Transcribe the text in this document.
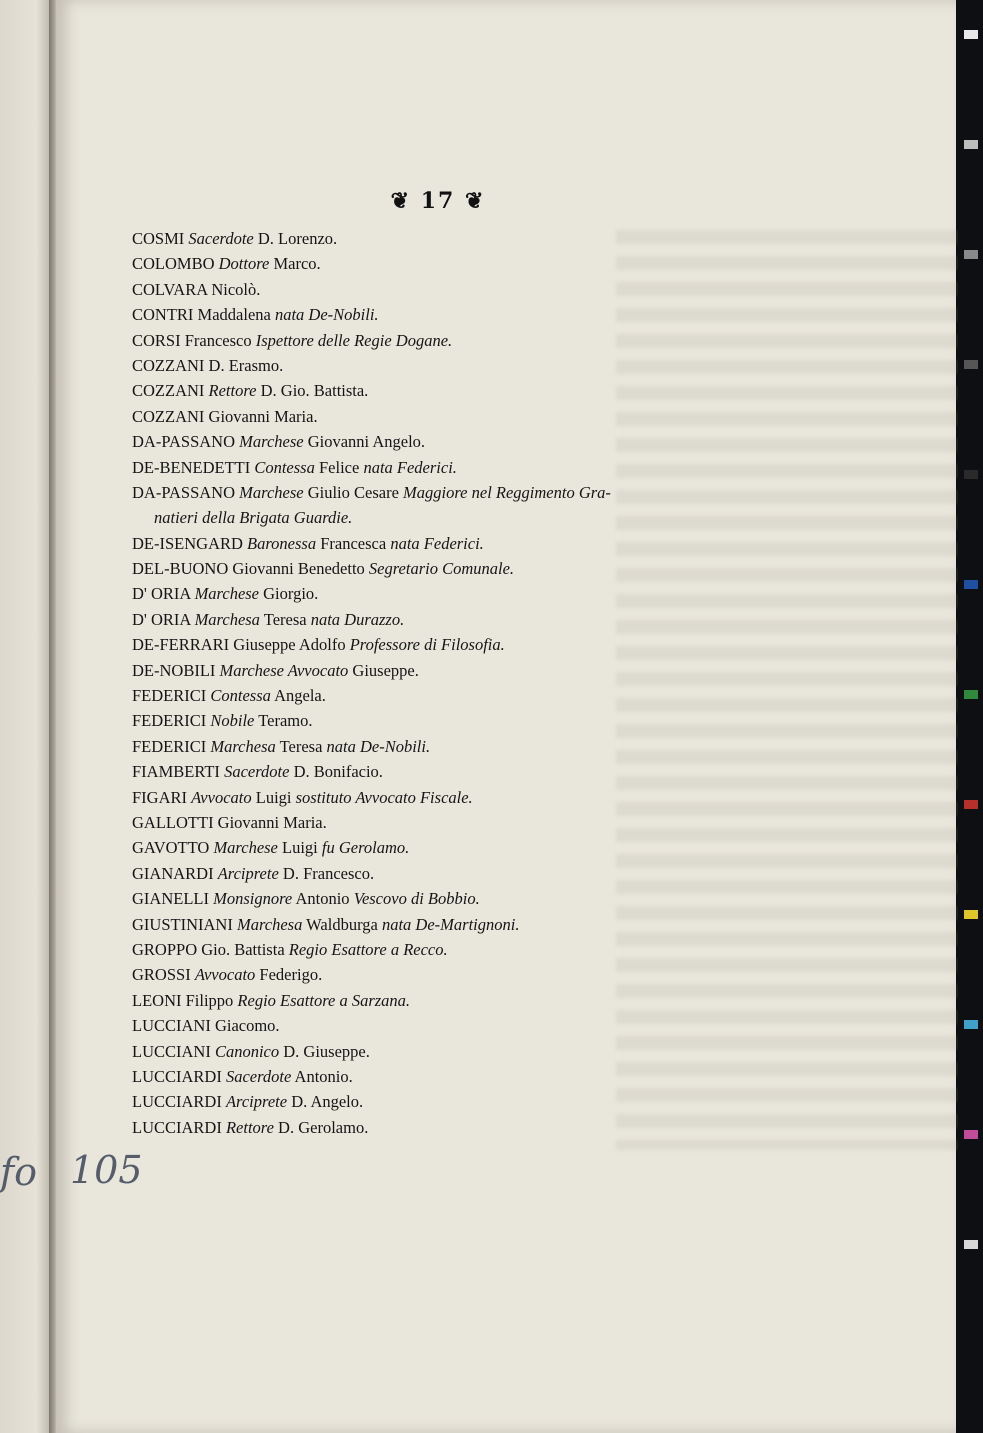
❦ 17 ❦
COSMI Sacerdote D. Lorenzo.
COLOMBO Dottore Marco.
COLVARA Nicolò.
CONTRI Maddalena nata De-Nobili.
CORSI Francesco Ispettore delle Regie Dogane.
COZZANI D. Erasmo.
COZZANI Rettore D. Gio. Battista.
COZZANI Giovanni Maria.
DA-PASSANO Marchese Giovanni Angelo.
DE-BENEDETTI Contessa Felice nata Federici.
DA-PASSANO Marchese Giulio Cesare Maggiore nel Reggimento Gra-
natieri della Brigata Guardie.
DE-ISENGARD Baronessa Francesca nata Federici.
DEL-BUONO Giovanni Benedetto Segretario Comunale.
D' ORIA Marchese Giorgio.
D' ORIA Marchesa Teresa nata Durazzo.
DE-FERRARI Giuseppe Adolfo Professore di Filosofia.
DE-NOBILI Marchese Avvocato Giuseppe.
FEDERICI Contessa Angela.
FEDERICI Nobile Teramo.
FEDERICI Marchesa Teresa nata De-Nobili.
FIAMBERTI Sacerdote D. Bonifacio.
FIGARI Avvocato Luigi sostituto Avvocato Fiscale.
GALLOTTI Giovanni Maria.
GAVOTTO Marchese Luigi fu Gerolamo.
GIANARDI Arciprete D. Francesco.
GIANELLI Monsignore Antonio Vescovo di Bobbio.
GIUSTINIANI Marchesa Waldburga nata De-Martignoni.
GROPPO Gio. Battista Regio Esattore a Recco.
GROSSI Avvocato Federigo.
LEONI Filippo Regio Esattore a Sarzana.
LUCCIANI Giacomo.
LUCCIANI Canonico D. Giuseppe.
LUCCIARDI Sacerdote Antonio.
LUCCIARDI Arciprete D. Angelo.
LUCCIARDI Rettore D. Gerolamo.
fo 105
